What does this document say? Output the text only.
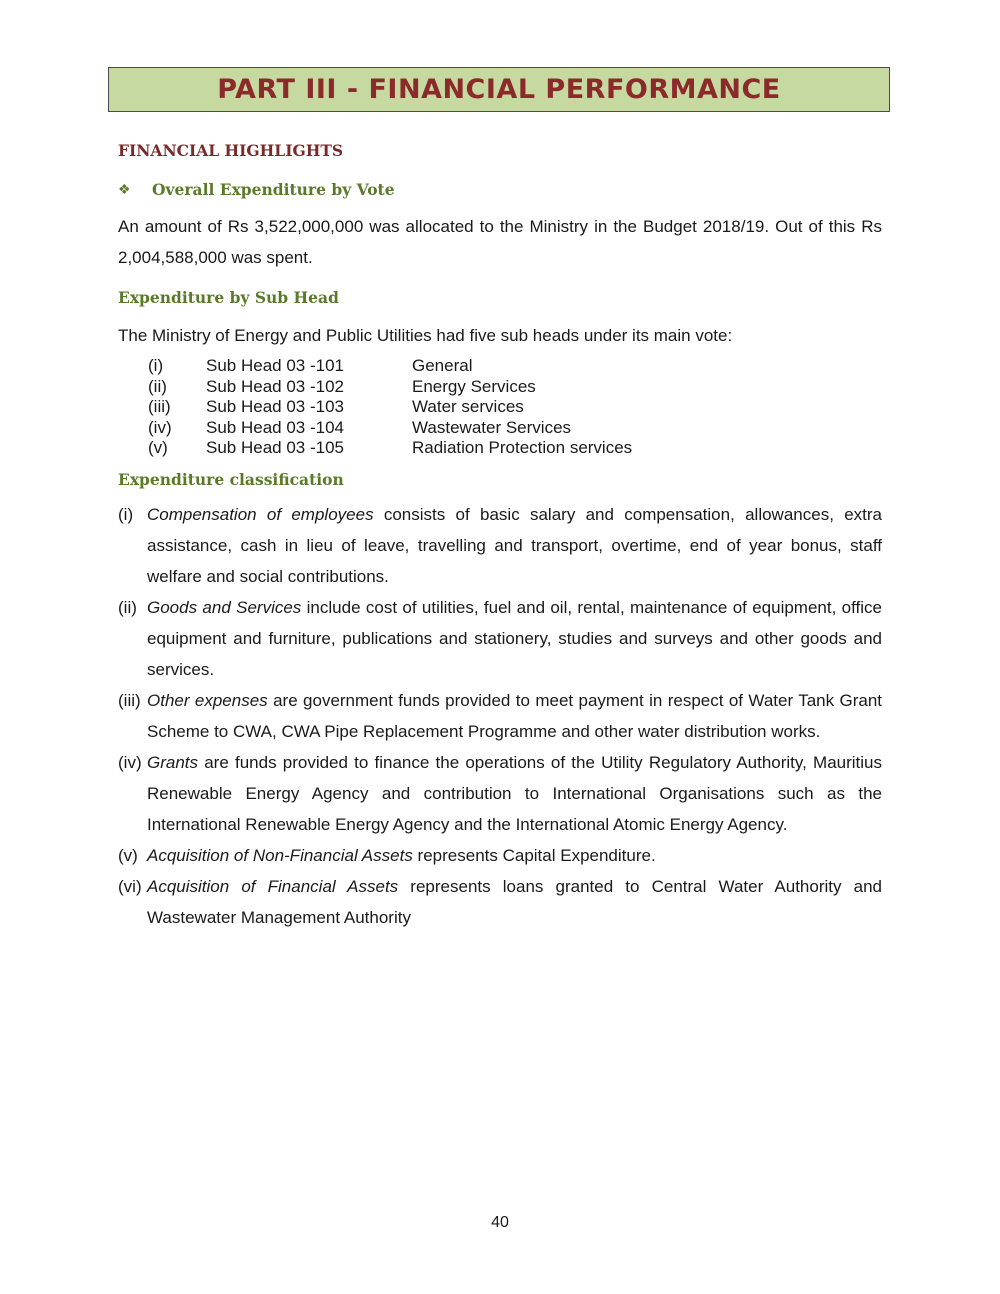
PART III - FINANCIAL PERFORMANCE
FINANCIAL HIGHLIGHTS
❖ Overall Expenditure by Vote
An amount of Rs 3,522,000,000 was allocated to the Ministry in the Budget 2018/19. Out of this Rs 2,004,588,000 was spent.
Expenditure by Sub Head
The Ministry of Energy and Public Utilities had five sub heads under its main vote:
(i)	Sub Head 03 -101	General
(ii)	Sub Head 03 -102	Energy Services
(iii)	Sub Head 03 -103	Water services
(iv)	Sub Head 03 -104	Wastewater Services
(v)	Sub Head 03 -105	Radiation Protection services
Expenditure classification
(i) Compensation of employees consists of basic salary and compensation, allowances, extra assistance, cash in lieu of leave, travelling and transport, overtime, end of year bonus, staff welfare and social contributions.
(ii) Goods and Services include cost of utilities, fuel and oil, rental, maintenance of equipment, office equipment and furniture, publications and stationery, studies and surveys and other goods and services.
(iii) Other expenses are government funds provided to meet payment in respect of Water Tank Grant Scheme to CWA, CWA Pipe Replacement Programme and other water distribution works.
(iv) Grants are funds provided to finance the operations of the Utility Regulatory Authority, Mauritius Renewable Energy Agency and contribution to International Organisations such as the International Renewable Energy Agency and the International Atomic Energy Agency.
(v) Acquisition of Non-Financial Assets represents Capital Expenditure.
(vi) Acquisition of Financial Assets represents loans granted to Central Water Authority and Wastewater Management Authority
40
